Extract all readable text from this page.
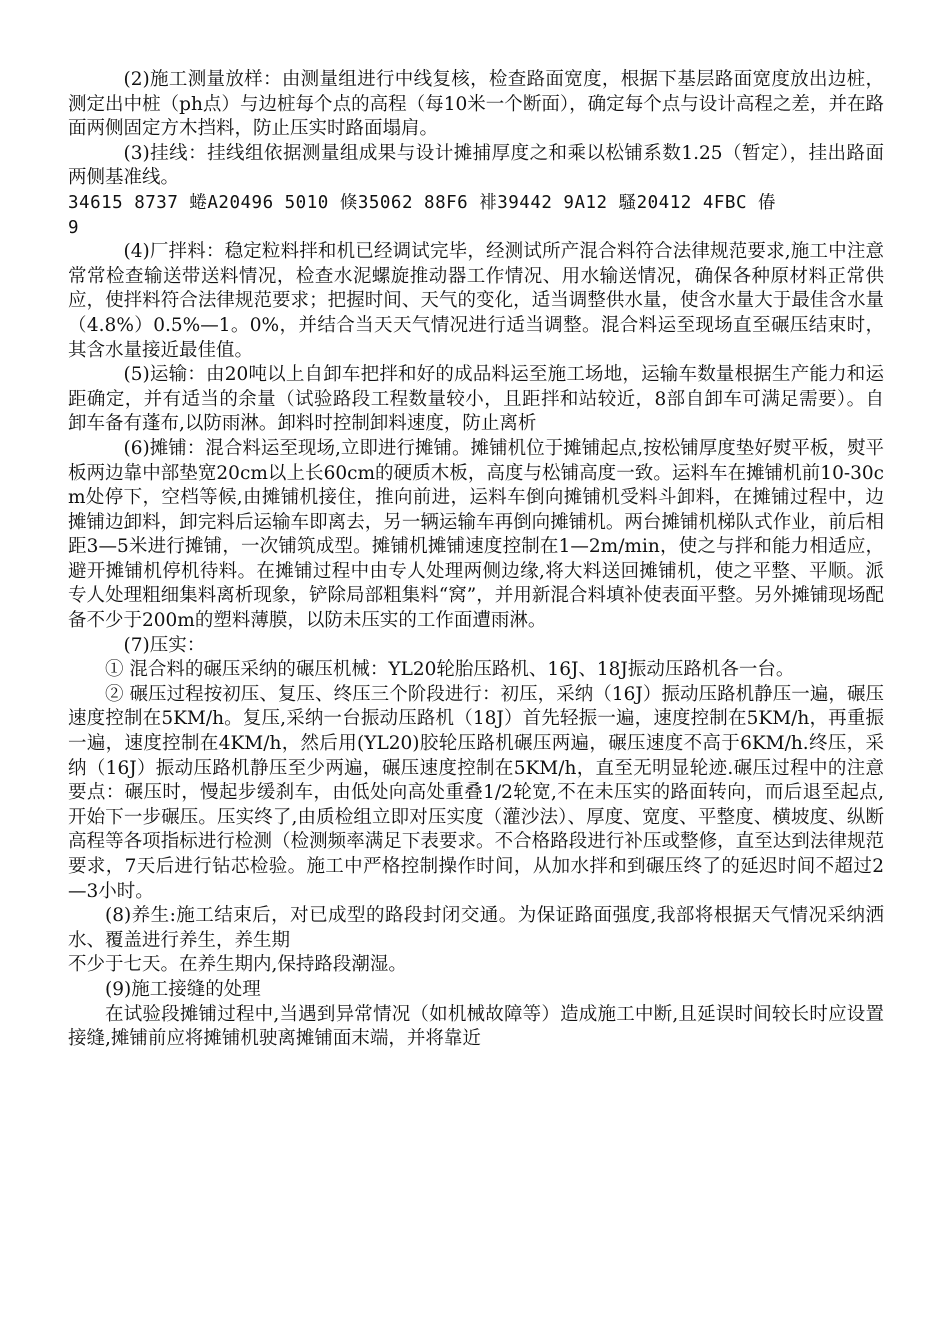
(2)施工测量放样：由测量组进行中线复核，检查路面宽度，根据下基层路面宽度放出边桩，测定出中桩（ph点）与边桩每个点的高程（每10米一个断面），确定每个点与设计高程之差，并在路面两侧固定方木挡料，防止压实时路面塌肩。

(3)挂线：挂线组依据测量组成果与设计摊捕厚度之和乘以松铺系数1.25（暂定），挂出路面两侧基准线。

34615 8737 蜷A20496 5010 倏35062 88F6 裶39442 9A12 騷20412 4FBC 偆

9

(4)厂拌料：稳定粒料拌和机已经调试完毕，经测试所产混合料符合法律规范要求,施工中注意常常检查输送带送料情况，检查水泥螺旋推动器工作情况、用水输送情况，确保各种原材料正常供应，使拌料符合法律规范要求；把握时间、天气的变化，适当调整供水量，使含水量大于最佳含水量（4.8%）0.5%—1。0%，并结合当天天气情况进行适当调整。混合料运至现场直至碾压结束时，其含水量接近最佳值。

(5)运输：由20吨以上自卸车把拌和好的成品料运至施工场地，运输车数量根据生产能力和运距确定，并有适当的余量（试验路段工程数量较小，且距拌和站较近，8部自卸车可满足需要）。自卸车备有蓬布,以防雨淋。卸料时控制卸料速度，防止离析

(6)摊铺：混合料运至现场,立即进行摊铺。摊铺机位于摊铺起点,按松铺厚度垫好熨平板，熨平板两边靠中部垫宽20cm以上长60cm的硬质木板，高度与松铺高度一致。运料车在摊铺机前10-30cm处停下，空档等候,由摊铺机接住，推向前进，运料车倒向摊铺机受料斗卸料，在摊铺过程中，边摊铺边卸料，卸完料后运输车即离去，另一辆运输车再倒向摊铺机。两台摊铺机梯队式作业，前后相距3—5米进行摊铺，一次铺筑成型。摊铺机摊铺速度控制在1—2m/min，使之与拌和能力相适应，避开摊铺机停机待料。在摊铺过程中由专人处理两侧边缘,将大料送回摊铺机，使之平整、平顺。派专人处理粗细集料离析现象，铲除局部粗集料“窝”，并用新混合料填补使表面平整。另外摊铺现场配备不少于200m的塑料薄膜，以防未压实的工作面遭雨淋。

(7)压实：

① 混合料的碾压采纳的碾压机械：YL20轮胎压路机、16J、18J振动压路机各一台。

② 碾压过程按初压、复压、终压三个阶段进行：初压，采纳（16J）振动压路机静压一遍，碾压速度控制在5KM/h。复压,采纳一台振动压路机（18J）首先轻振一遍，速度控制在5KM/h，再重振一遍，速度控制在4KM/h，然后用(YL20)胶轮压路机碾压两遍，碾压速度不高于6KM/h.终压，采纳（16J）振动压路机静压至少两遍，碾压速度控制在5KM/h，直至无明显轮迹.碾压过程中的注意要点：碾压时，慢起步缓刹车，由低处向高处重叠1/2轮宽,不在未压实的路面转向，而后退至起点,开始下一步碾压。压实终了,由质检组立即对压实度（灌沙法）、厚度、宽度、平整度、横坡度、纵断高程等各项指标进行检测（检测频率满足下表要求。不合格路段进行补压或整修，直至达到法律规范要求，7天后进行钻芯检验。施工中严格控制操作时间，从加水拌和到碾压终了的延迟时间不超过2—3小时。

(8)养生:施工结束后，对已成型的路段封闭交通。为保证路面强度,我部将根据天气情况采纳洒水、覆盖进行养生，养生期

不少于七天。在养生期内,保持路段潮湿。

(9)施工接缝的处理

在试验段摊铺过程中,当遇到异常情况（如机械故障等）造成施工中断,且延误时间较长时应设置接缝,摊铺前应将摊铺机驶离摊铺面末端，并将靠近
